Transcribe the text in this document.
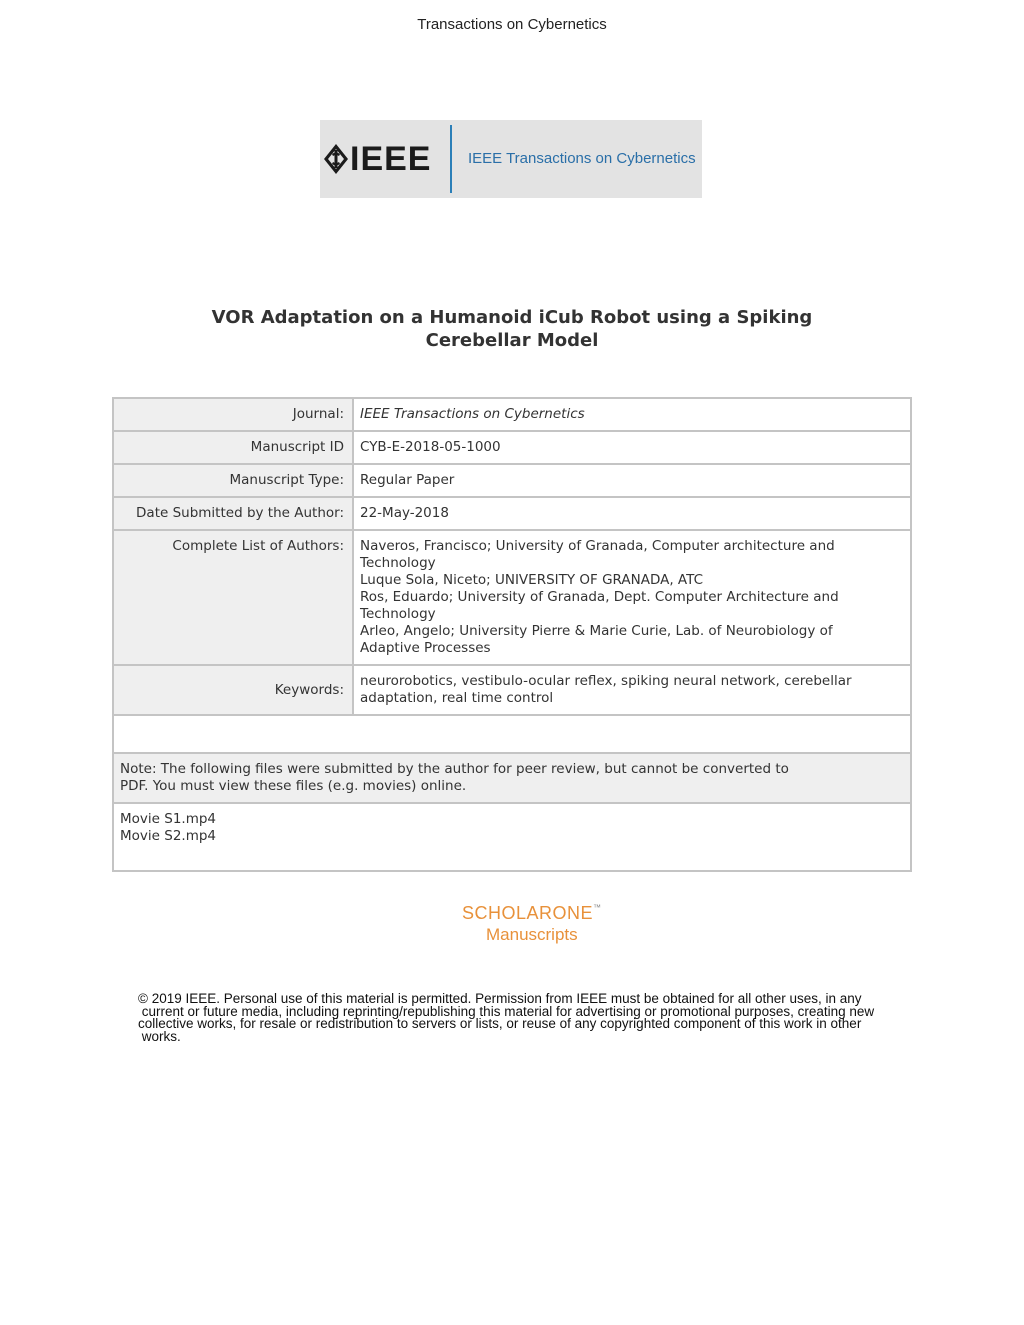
Transactions on Cybernetics
IEEE IEEE Transactions on Cybernetics
VOR Adaptation on a Humanoid iCub Robot using a Spiking
Cerebellar Model
Journal:	IEEE Transactions on Cybernetics
Manuscript ID	CYB-E-2018-05-1000
Manuscript Type:	Regular Paper
Date Submitted by the Author:	22-May-2018
Complete List of Authors:	Naveros, Francisco; University of Granada, Computer architecture and
Technology
Luque Sola, Niceto; UNIVERSITY OF GRANADA, ATC
Ros, Eduardo; University of Granada, Dept. Computer Architecture and
Technology
Arleo, Angelo; University Pierre & Marie Curie, Lab. of Neurobiology of
Adaptive Processes
Keywords:
neurorobotics, vestibulo-ocular reflex, spiking neural network, cerebellar
adaptation, real time control
Note: The following files were submitted by the author for peer review, but cannot be converted to
PDF. You must view these files (e.g. movies) online.
Movie S1.mp4
Movie S2.mp4
SCHOLARONE™
Manuscripts
© 2019 IEEE. Personal use of this material is permitted. Permission from IEEE must be obtained for all other uses, in any
current or future media, including reprinting/republishing this material for advertising or promotional purposes, creating new
collective works, for resale or redistribution to servers or lists, or reuse of any copyrighted component of this work in other
works.
